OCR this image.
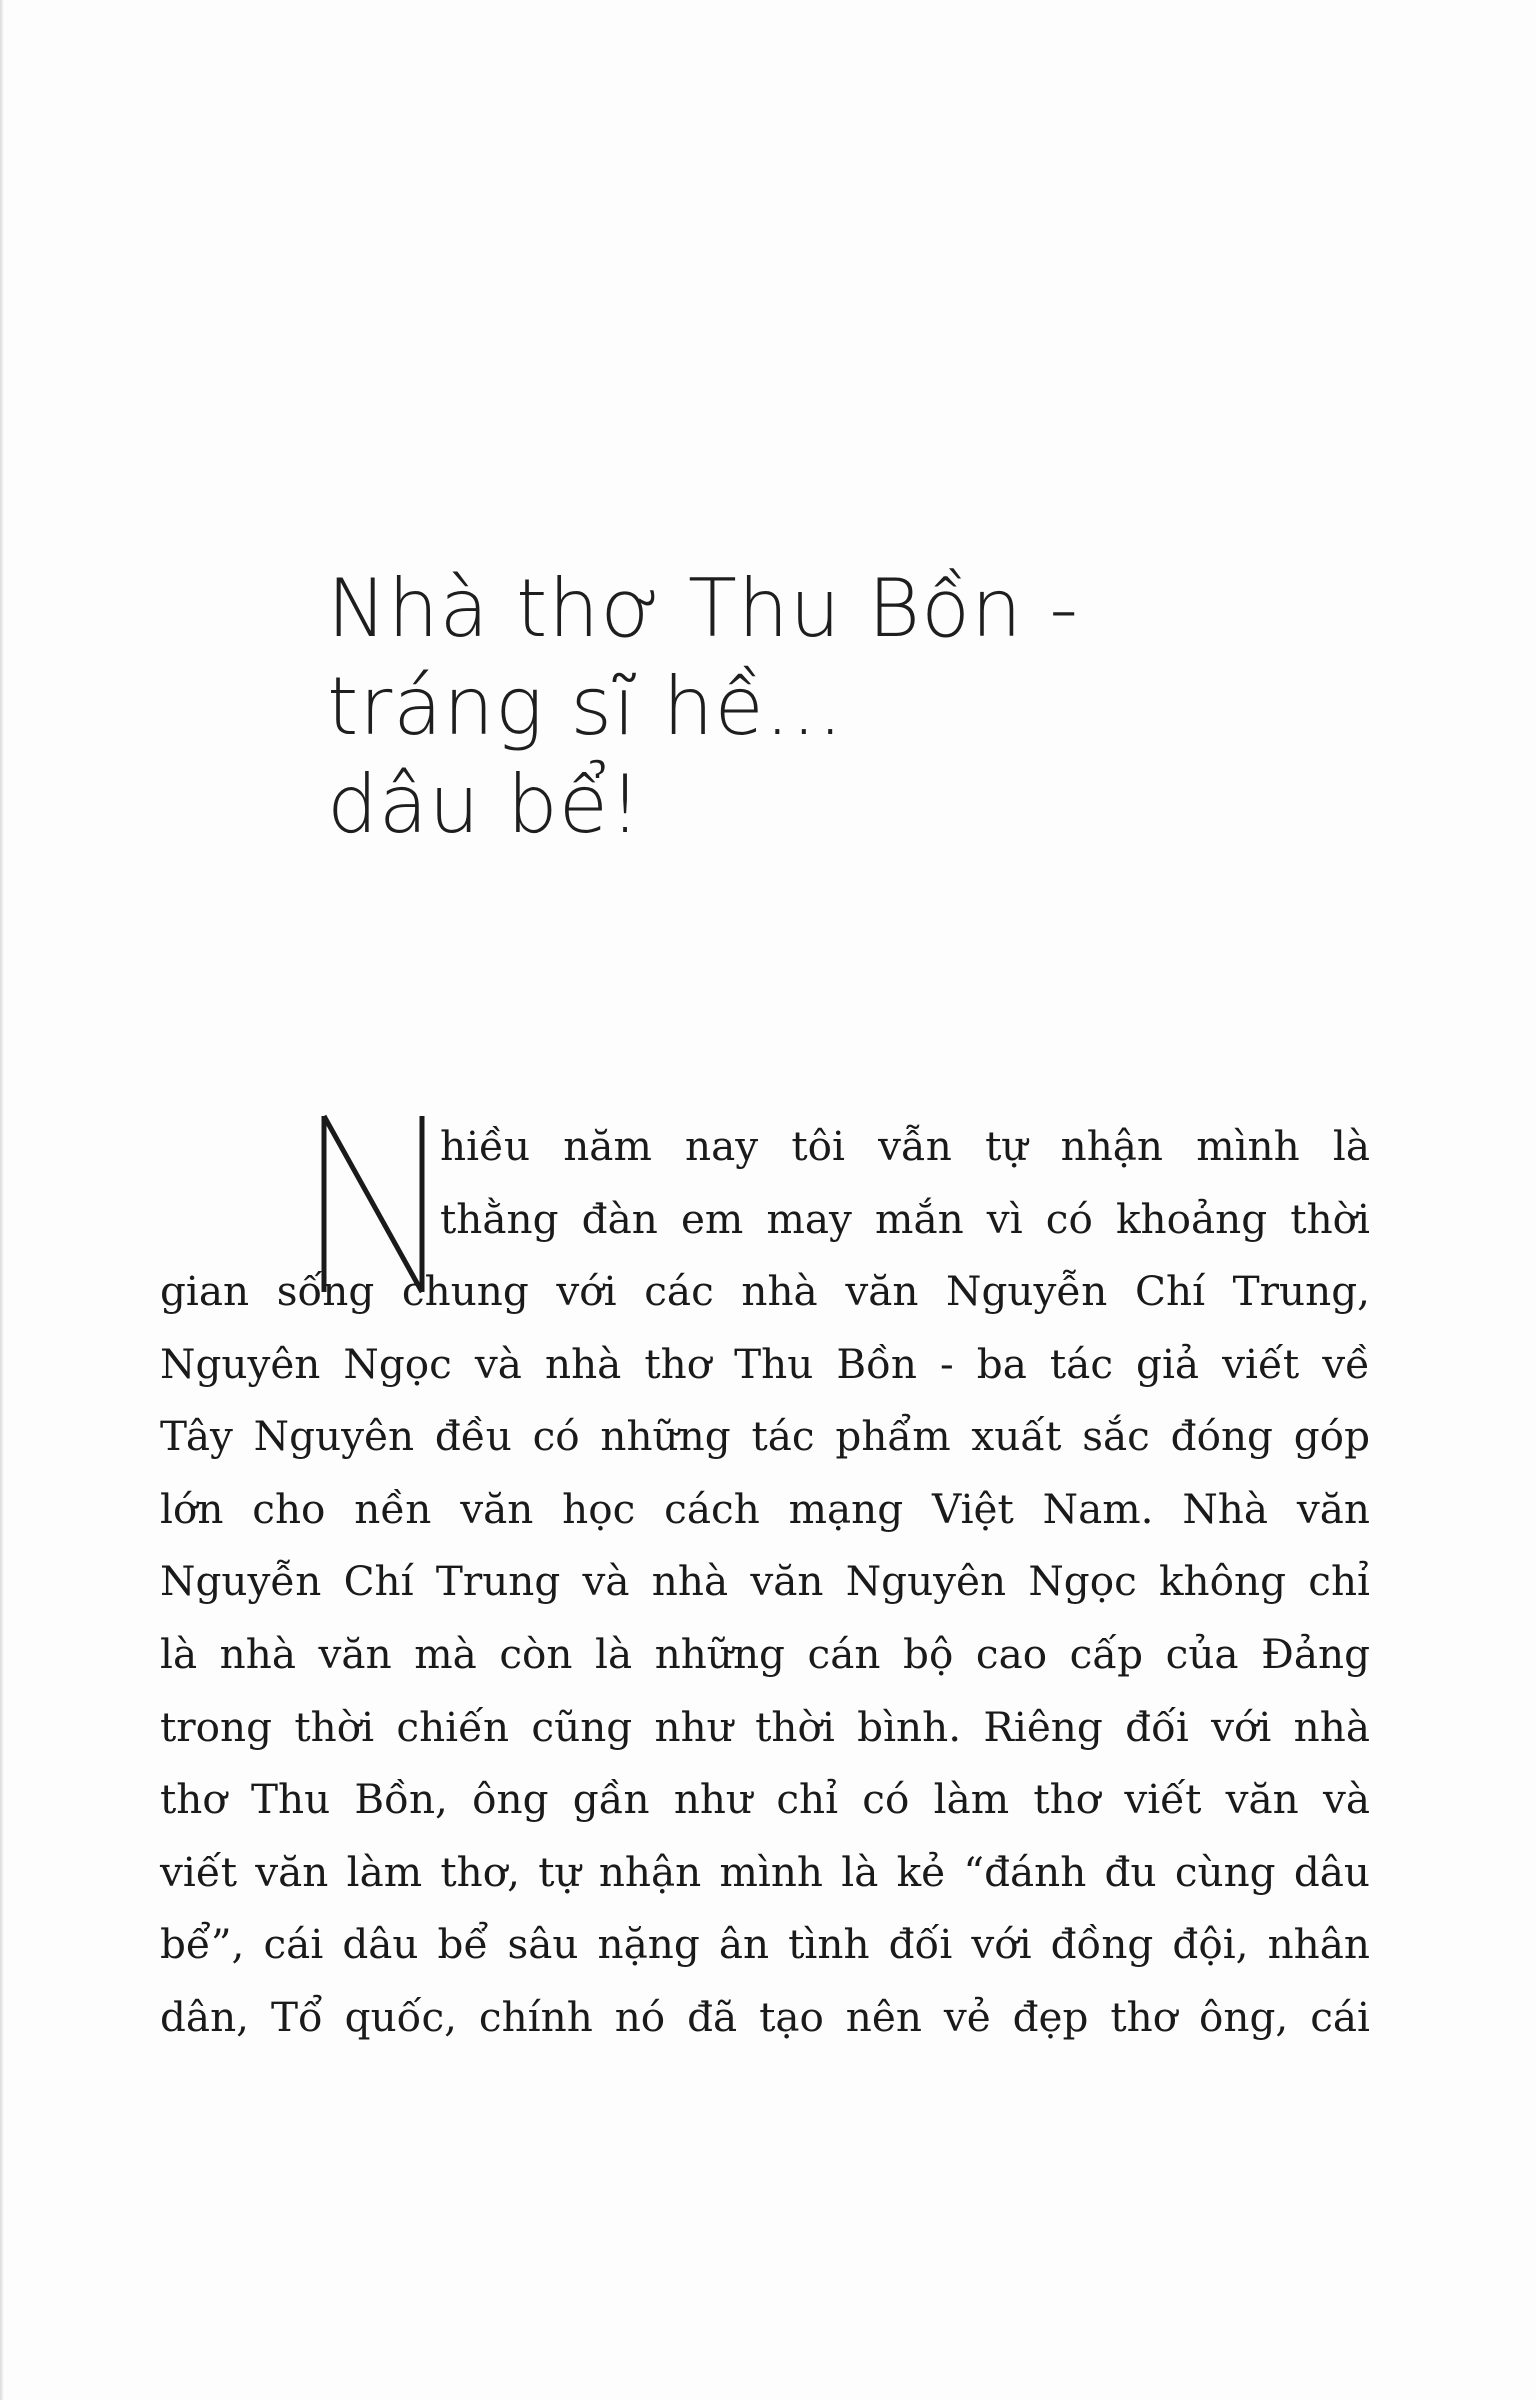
Nhà thơ Thu Bồn -
tráng sĩ hề...
dâu bể!
hiều năm nay tôi vẫn tự nhận mình là
thằng đàn em may mắn vì có khoảng thời
gian sống chung với các nhà văn Nguyễn Chí Trung,
Nguyên Ngọc và nhà thơ Thu Bồn - ba tác giả viết về
Tây Nguyên đều có những tác phẩm xuất sắc đóng góp
lớn cho nền văn học cách mạng Việt Nam. Nhà văn
Nguyễn Chí Trung và nhà văn Nguyên Ngọc không chỉ
là nhà văn mà còn là những cán bộ cao cấp của Đảng
trong thời chiến cũng như thời bình. Riêng đối với nhà
thơ Thu Bồn, ông gần như chỉ có làm thơ viết văn và
viết văn làm thơ, tự nhận mình là kẻ “đánh đu cùng dâu
bể”, cái dâu bể sâu nặng ân tình đối với đồng đội, nhân
dân, Tổ quốc, chính nó đã tạo nên vẻ đẹp thơ ông, cái
